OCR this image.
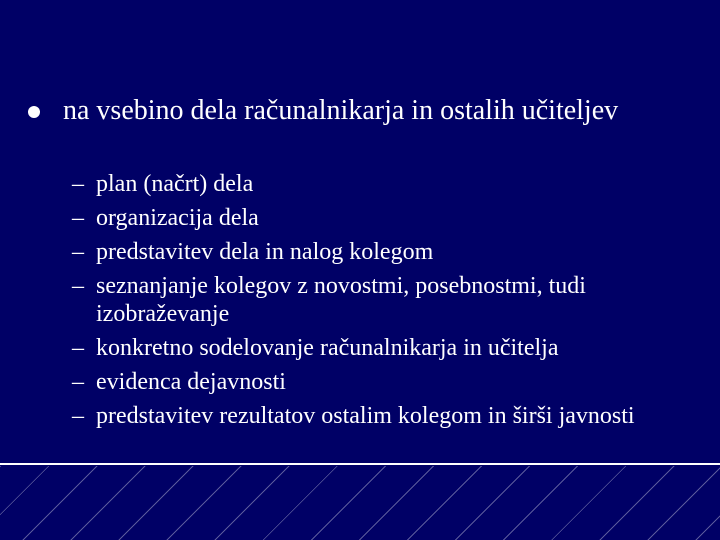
na vsebino dela računalnikarja in ostalih učiteljev
– plan (načrt) dela
– organizacija dela
– predstavitev dela in nalog kolegom
– seznanjanje kolegov z novostmi, posebnostmi, tudi izobraževanje
– konkretno sodelovanje računalnikarja in učitelja
– evidenca dejavnosti
– predstavitev rezultatov ostalim kolegom in širši javnosti
